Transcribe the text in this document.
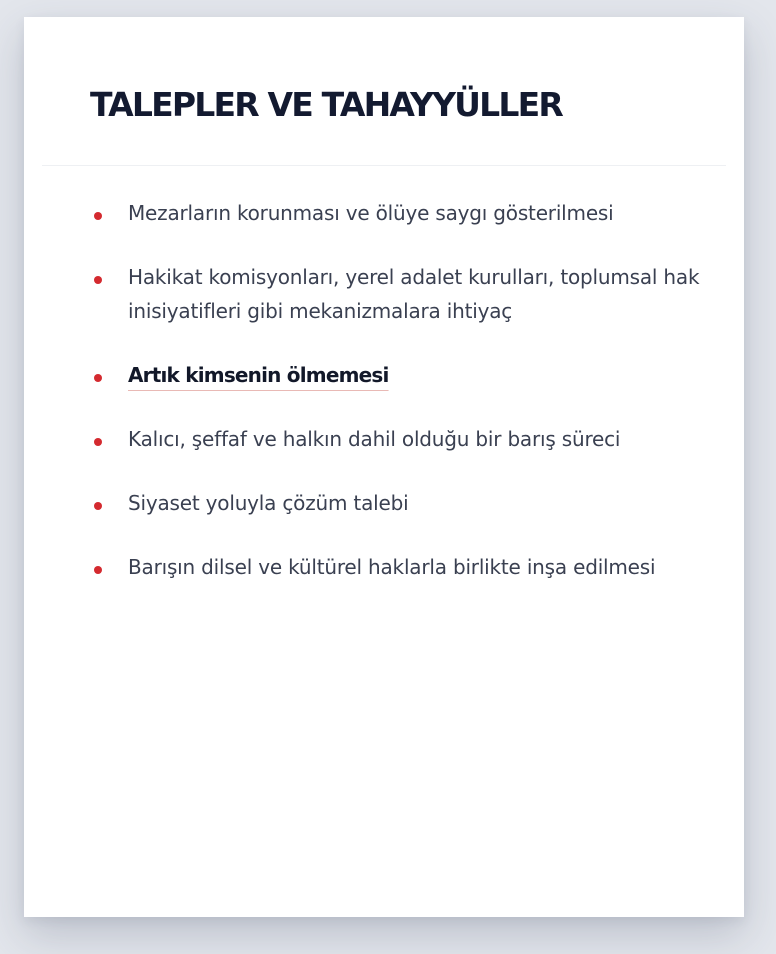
TALEPLER VE TAHAYYÜLLER
Mezarların korunması ve ölüye saygı gösterilmesi
Hakikat komisyonları, yerel adalet kurulları, toplumsal hak inisiyatifleri gibi mekanizmalara ihtiyaç
Artık kimsenin ölmemesi
Kalıcı, şeffaf ve halkın dahil olduğu bir barış süreci
Siyaset yoluyla çözüm talebi
Barışın dilsel ve kültürel haklarla birlikte inşa edilmesi
